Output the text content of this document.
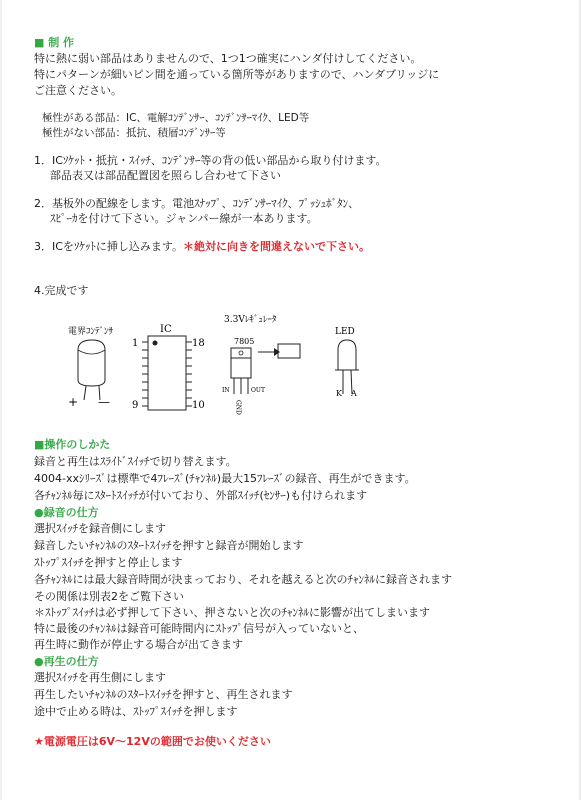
■ 制 作
特に熱に弱い部品はありませんので、1つ1つ確実にハンダ付けしてください。
特にパターンが細いピン間を通っている箇所等がありますので、ハンダブリッジに
ご注意ください。
極性がある部品：IC、電解ｺﾝﾃﾞﾝｻｰ、ｺﾝﾃﾞﾝｻｰﾏｲｸ、LED等
極性がない部品：抵抗、積層ｺﾝﾃﾞﾝｻｰ等
1．ICｿｹｯﾄ・抵抗・ｽｲｯﾁ、ｺﾝﾃﾞﾝｻｰ等の背の低い部品から取り付けます。
部品表又は部品配置図を照らし合わせて下さい
2．基板外の配線をします。電池ｽﾅｯﾌﾟ、ｺﾝﾃﾞﾝｻｰﾏｲｸ、ﾌﾟｯｼｭﾎﾞﾀﾝ、
ｽﾋﾟｰｶを付けて下さい。ジャンパー線が一本あります。
3．ICをｿｹｯﾄに挿し込みます。＊絶対に向きを間違えないで下さい。
4.完成です
電界ｺﾝﾃﾞﾝｻ
+ —
IC
1	18
9	10
3.3Vﾚｷﾞｭﾚｰﾀ
7805
IN	OUT
GND
LED
K A
■操作のしかた
録音と再生はｽﾗｲﾄﾞｽｲｯﾁで切り替えます。
4004-xxｼﾘｰｽﾞは標準で4ﾌﾚｰｽﾞ(ﾁｬﾝﾈﾙ)最大15ﾌﾚｰｽﾞの録音、再生ができます。
各ﾁｬﾝﾈﾙ毎にｽﾀｰﾄｽｲｯﾁが付いており、外部ｽｲｯﾁ(ｾﾝｻｰ)も付けられます
●録音の仕方
選択ｽｲｯﾁを録音側にします
録音したいﾁｬﾝﾈﾙのｽﾀｰﾄｽｲｯﾁを押すと録音が開始します
ｽﾄｯﾌﾟｽｲｯﾁを押すと停止します
各ﾁｬﾝﾈﾙには最大録音時間が決まっており、それを越えると次のﾁｬﾝﾈﾙに録音されます
その関係は別表2をご覧下さい
＊ｽﾄｯﾌﾟｽｲｯﾁは必ず押して下さい、押さないと次のﾁｬﾝﾈﾙに影響が出てしまいます
特に最後のﾁｬﾝﾈﾙは録音可能時間内にｽﾄｯﾌﾟ信号が入っていないと、
再生時に動作が停止する場合が出てきます
●再生の仕方
選択ｽｲｯﾁを再生側にします
再生したいﾁｬﾝﾈﾙのｽﾀｰﾄｽｲｯﾁを押すと、再生されます
途中で止める時は、ｽﾄｯﾌﾟｽｲｯﾁを押します
★電源電圧は6V～12Vの範囲でお使いください
